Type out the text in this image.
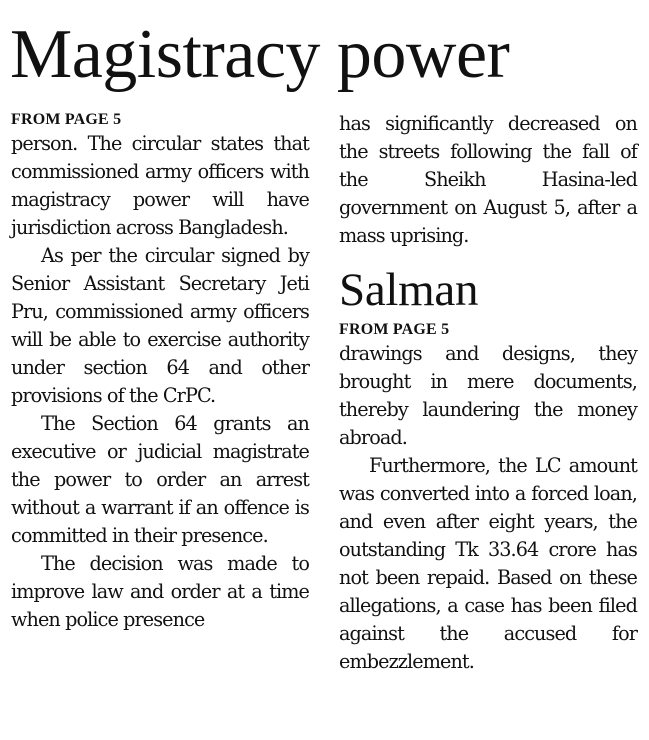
Magistracy power
FROM PAGE 5

person. The circular states that commissioned army officers with magistracy power will have jurisdiction across Bangladesh.

As per the circular signed by Senior Assistant Secretary Jeti Pru, commissioned army officers will be able to exercise authority under section 64 and other provisions of the CrPC.

The Section 64 grants an executive or judicial magistrate the power to order an arrest without a warrant if an offence is committed in their presence.

The decision was made to improve law and order at a time when police presence

has significantly decreased on the streets following the fall of the Sheikh Hasina-led government on August 5, after a mass uprising.

Salman
FROM PAGE 5

drawings and designs, they brought in mere documents, thereby laundering the money abroad.

Furthermore, the LC amount was converted into a forced loan, and even after eight years, the outstanding Tk 33.64 crore has not been repaid. Based on these allegations, a case has been filed against the accused for embezzlement.
